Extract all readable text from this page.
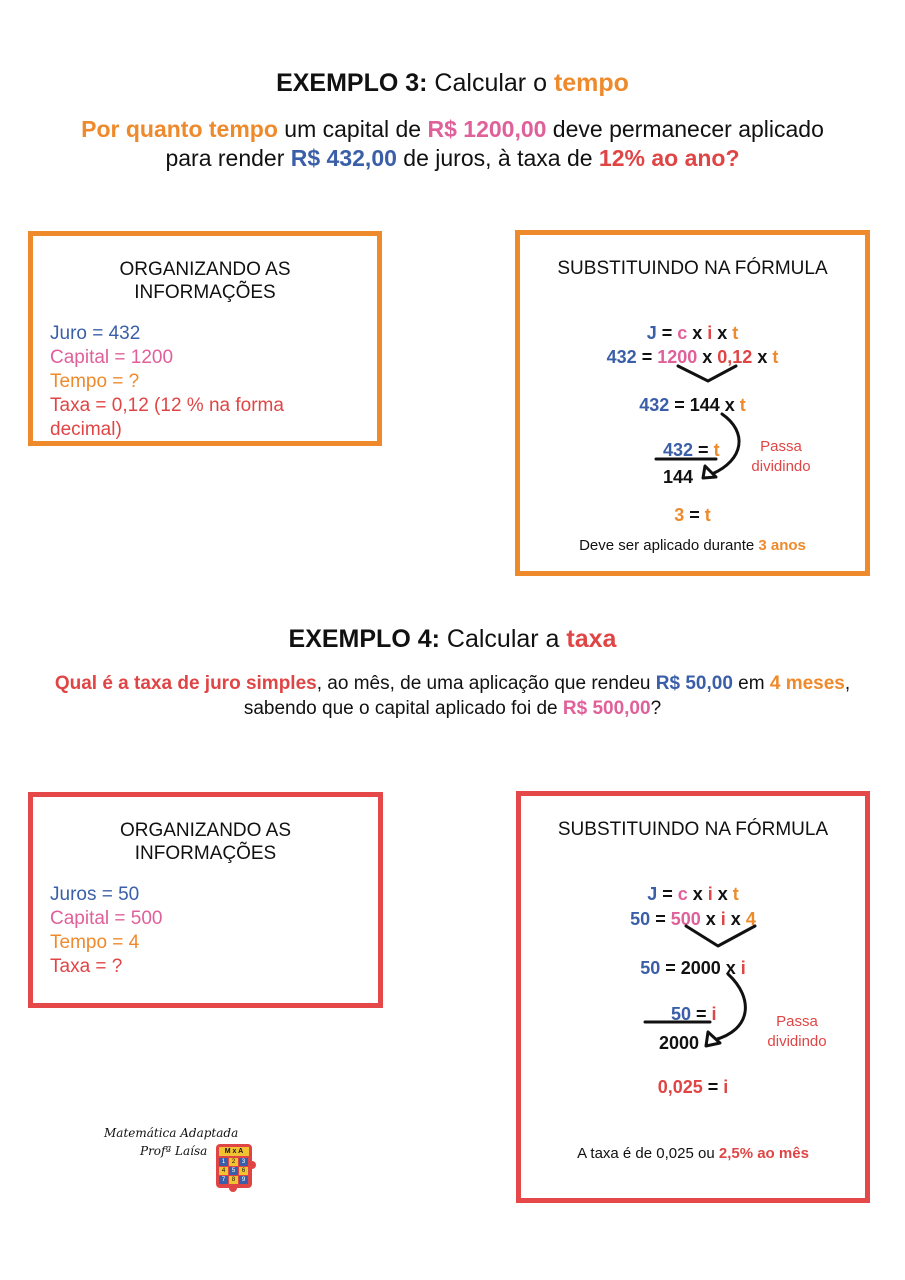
EXEMPLO 3: Calcular o tempo
Por quanto tempo um capital de R$ 1200,00 deve permanecer aplicado
para render R$ 432,00 de juros, à taxa de 12% ao ano?
ORGANIZANDO AS
INFORMAÇÕES
Juro = 432
Capital = 1200
Tempo = ?
Taxa = 0,12 (12 % na forma
decimal)
SUBSTITUINDO NA FÓRMULA
J = c x i x t
432 = 1200 x 0,12 x t
432 = 144 x t
432 = t
144
Passa
dividindo
3 = t
Deve ser aplicado durante 3 anos
EXEMPLO 4: Calcular a taxa
Qual é a taxa de juro simples, ao mês, de uma aplicação que rendeu R$ 50,00 em 4 meses,
sabendo que o capital aplicado foi de R$ 500,00?
ORGANIZANDO AS
INFORMAÇÕES
Juros = 50
Capital = 500
Tempo = 4
Taxa = ?
SUBSTITUINDO NA FÓRMULA
J = c x i x t
50 = 500 x i x 4
50 = 2000 x i
50 = i
2000
Passa
dividindo
0,025 = i
A taxa é de 0,025 ou 2,5% ao mês
Matemática Adaptada
Profª Laísa	M x A
1	2	3
4	5	6
7	8	9
